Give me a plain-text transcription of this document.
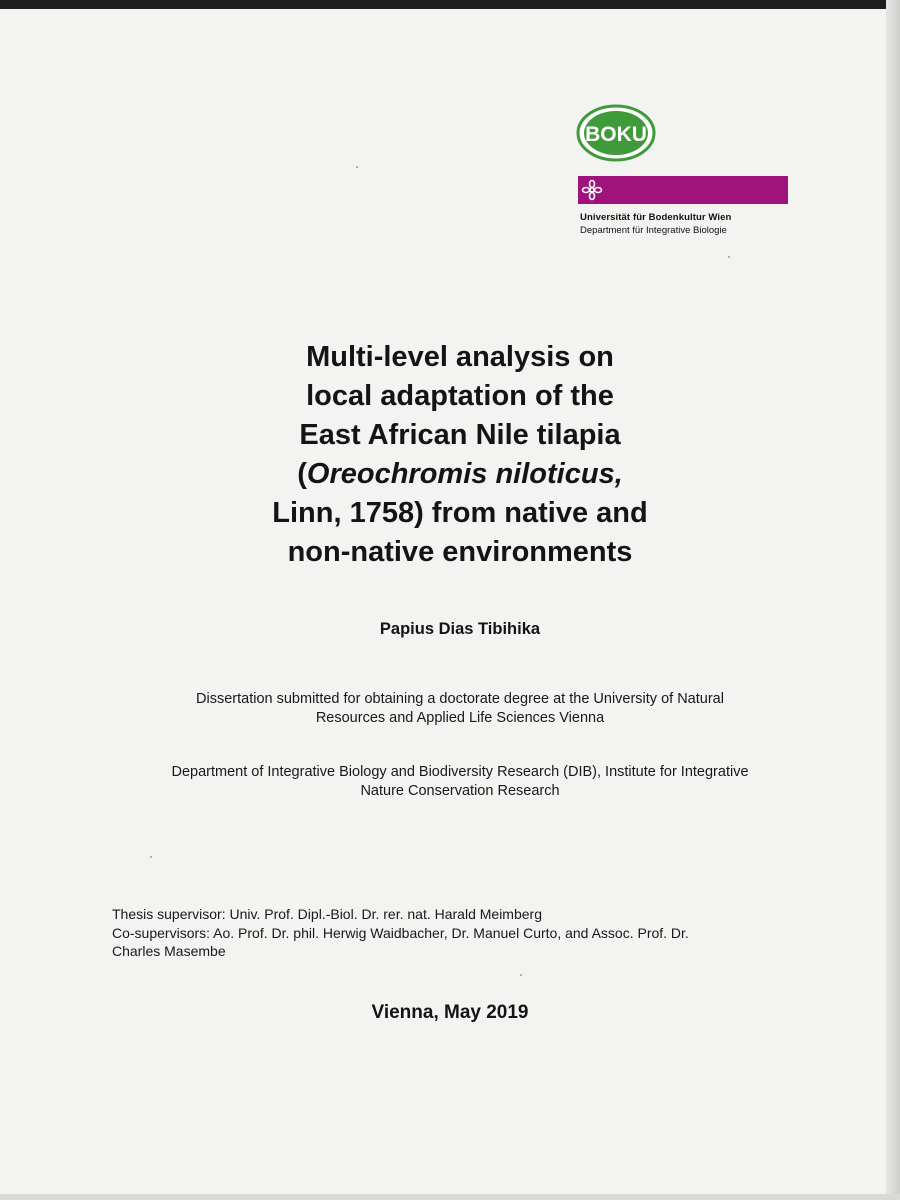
BOKU
Universität für Bodenkultur Wien
Department für Integrative Biologie
Multi-level analysis on
local adaptation of the
East African Nile tilapia
(Oreochromis niloticus,
Linn, 1758) from native and
non-native environments
Papius Dias Tibihika
Dissertation submitted for obtaining a doctorate degree at the University of Natural
Resources and Applied Life Sciences Vienna
Department of Integrative Biology and Biodiversity Research (DIB), Institute for Integrative
Nature Conservation Research
Thesis supervisor: Univ. Prof. Dipl.-Biol. Dr. rer. nat. Harald Meimberg
Co-supervisors: Ao. Prof. Dr. phil. Herwig Waidbacher, Dr. Manuel Curto, and Assoc. Prof. Dr.
Charles Masembe
Vienna, May 2019
